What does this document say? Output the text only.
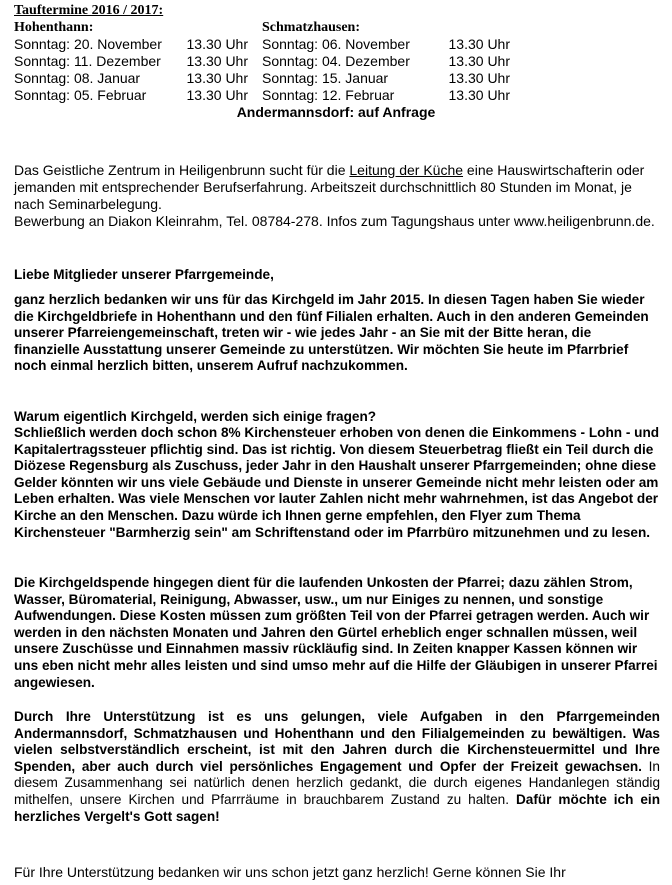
Tauftermine 2016 / 2017:
Hohenthann:
Sonntag: 20. November	13.30 Uhr
Sonntag: 11. Dezember	13.30 Uhr
Sonntag: 08. Januar	13.30 Uhr
Sonntag: 05. Februar	13.30 Uhr
Schmatzhausen:
Sonntag: 06. November	13.30 Uhr
Sonntag: 04. Dezember	13.30 Uhr
Sonntag: 15. Januar	13.30 Uhr
Sonntag: 12. Februar	13.30 Uhr
Andermannsdorf: auf Anfrage
Das Geistliche Zentrum in Heiligenbrunn sucht für die Leitung der Küche eine Hauswirtschafterin oder jemanden mit entsprechender Berufserfahrung. Arbeitszeit durchschnittlich 80 Stunden im Monat, je nach Seminarbelegung.
Bewerbung an Diakon Kleinrahm, Tel. 08784-278. Infos zum Tagungshaus unter www.heiligenbrunn.de.
Liebe Mitglieder unserer Pfarrgemeinde,
ganz herzlich bedanken wir uns für das Kirchgeld im Jahr 2015. In diesen Tagen haben Sie wieder die Kirchgeldbriefe in Hohenthann und den fünf Filialen erhalten. Auch in den anderen Gemeinden unserer Pfarreiengemeinschaft, treten wir - wie jedes Jahr - an Sie mit der Bitte heran, die finanzielle Ausstattung unserer Gemeinde zu unterstützen. Wir möchten Sie heute im Pfarrbrief noch einmal herzlich bitten, unserem Aufruf nachzukommen.
Warum eigentlich Kirchgeld, werden sich einige fragen?
Schließlich werden doch schon 8% Kirchensteuer erhoben von denen die Einkommens - Lohn - und Kapitalertragssteuer pflichtig sind. Das ist richtig. Von diesem Steuerbetrag fließt ein Teil durch die Diözese Regensburg als Zuschuss, jeder Jahr in den Haushalt unserer Pfarrgemeinden; ohne diese Gelder könnten wir uns viele Gebäude und Dienste in unserer Gemeinde nicht mehr leisten oder am Leben erhalten. Was viele Menschen vor lauter Zahlen nicht mehr wahrnehmen, ist das Angebot der Kirche an den Menschen. Dazu würde ich Ihnen gerne empfehlen, den Flyer zum Thema Kirchensteuer "Barmherzig sein" am Schriftenstand oder im Pfarrbüro mitzunehmen und zu lesen.
Die Kirchgeldspende hingegen dient für die laufenden Unkosten der Pfarrei; dazu zählen Strom, Wasser, Büromaterial, Reinigung, Abwasser, usw., um nur Einiges zu nennen, und sonstige Aufwendungen. Diese Kosten müssen zum größten Teil von der Pfarrei getragen werden. Auch wir werden in den nächsten Monaten und Jahren den Gürtel erheblich enger schnallen müssen, weil unsere Zuschüsse und Einnahmen massiv rückläufig sind. In Zeiten knapper Kassen können wir uns eben nicht mehr alles leisten und sind umso mehr auf die Hilfe der Gläubigen in unserer Pfarrei angewiesen.
Durch Ihre Unterstützung ist es uns gelungen, viele Aufgaben in den Pfarrgemeinden Andermannsdorf, Schmatzhausen und Hohenthann und den Filialgemeinden zu bewältigen. Was vielen selbstverständlich erscheint, ist mit den Jahren durch die Kirchensteuermittel und Ihre Spenden, aber auch durch viel persönliches Engagement und Opfer der Freizeit gewachsen. In diesem Zusammenhang sei natürlich denen herzlich gedankt, die durch eigenes Handanlegen ständig mithelfen, unsere Kirchen und Pfarrräume in brauchbarem Zustand zu halten. Dafür möchte ich ein herzliches Vergelt's Gott sagen!
Für Ihre Unterstützung bedanken wir uns schon jetzt ganz herzlich! Gerne können Sie Ihr
